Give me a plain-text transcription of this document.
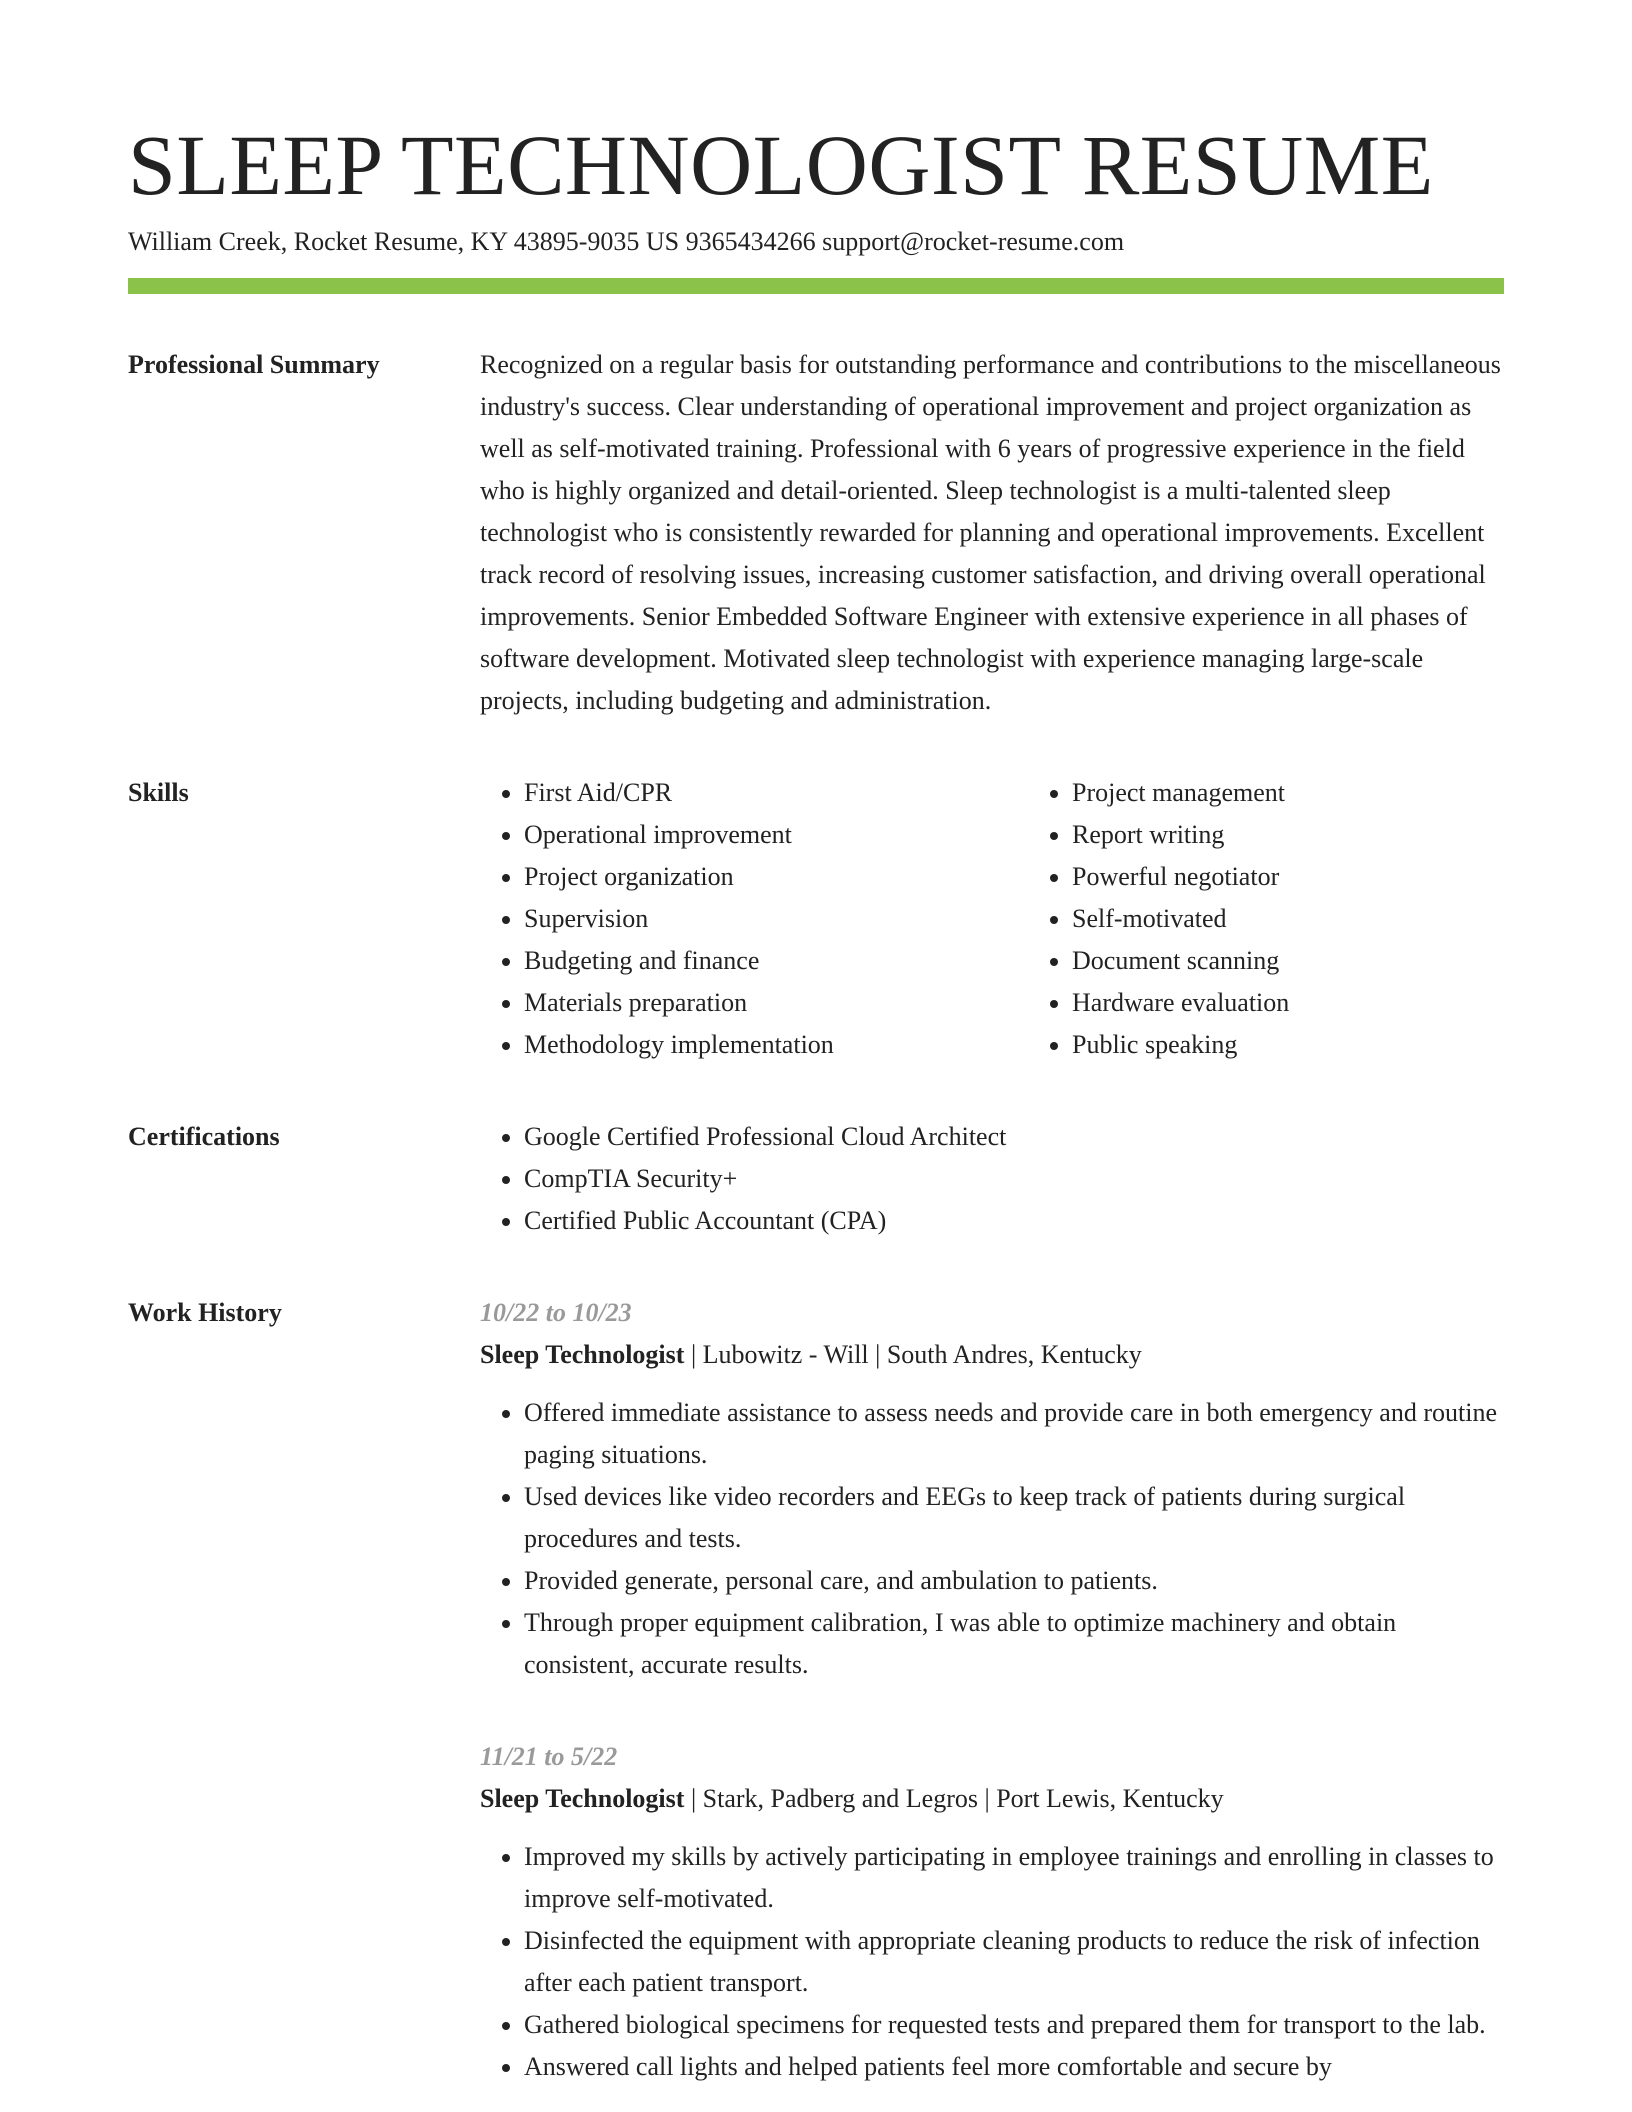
SLEEP TECHNOLOGIST RESUME
William Creek, Rocket Resume, KY 43895-9035 US 9365434266 support@rocket-resume.com
Professional Summary	Recognized on a regular basis for outstanding performance and contributions to the miscellaneous industry's success. Clear understanding of operational improvement and project organization as well as self-motivated training. Professional with 6 years of progressive experience in the field who is highly organized and detail-oriented. Sleep technologist is a multi-talented sleep technologist who is consistently rewarded for planning and operational improvements. Excellent track record of resolving issues, increasing customer satisfaction, and driving overall operational improvements. Senior Embedded Software Engineer with extensive experience in all phases of software development. Motivated sleep technologist with experience managing large-scale projects, including budgeting and administration.

Skills	• First Aid/CPR
• Operational improvement
• Project organization
• Supervision
• Budgeting and finance
• Materials preparation
• Methodology implementation
• Project management
• Report writing
• Powerful negotiator
• Self-motivated
• Document scanning
• Hardware evaluation
• Public speaking
Certifications	• Google Certified Professional Cloud Architect
• CompTIA Security+
• Certified Public Accountant (CPA)
Work History	10/22 to 10/23
Sleep Technologist | Lubowitz - Will | South Andres, Kentucky
• Offered immediate assistance to assess needs and provide care in both emergency and routine paging situations.
• Used devices like video recorders and EEGs to keep track of patients during surgical procedures and tests.
• Provided generate, personal care, and ambulation to patients.
• Through proper equipment calibration, I was able to optimize machinery and obtain consistent, accurate results.
11/21 to 5/22
Sleep Technologist | Stark, Padberg and Legros | Port Lewis, Kentucky
• Improved my skills by actively participating in employee trainings and enrolling in classes to improve self-motivated.
• Disinfected the equipment with appropriate cleaning products to reduce the risk of infection after each patient transport.
• Gathered biological specimens for requested tests and prepared them for transport to the lab.
• Answered call lights and helped patients feel more comfortable and secure by
